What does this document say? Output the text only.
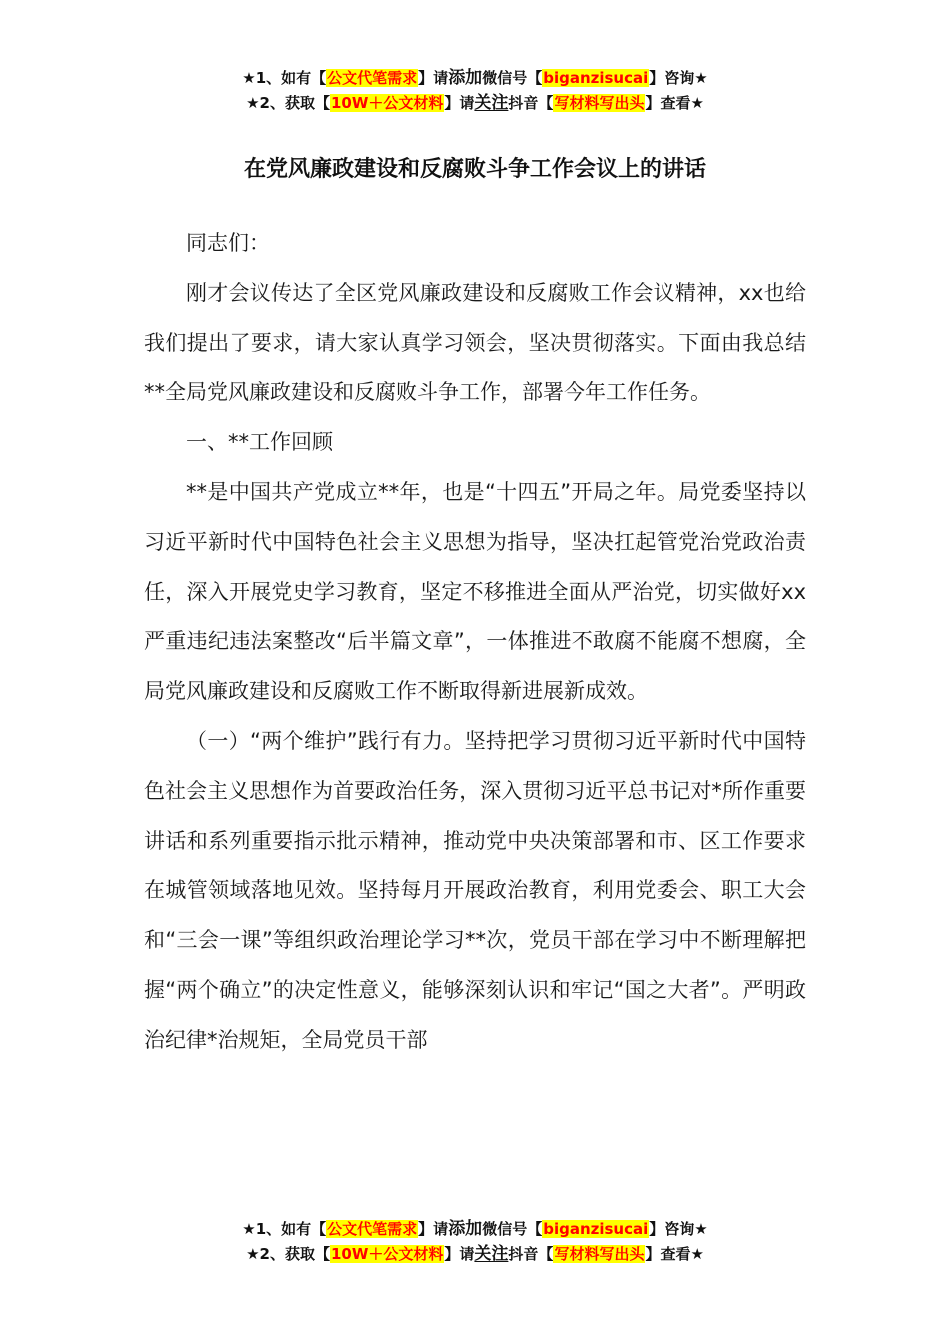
★1、如有【公文代笔需求】请添加微信号【biganzisucai】咨询★
★2、获取【10W＋公文材料】请关注抖音【写材料写出头】查看★
在党风廉政建设和反腐败斗争工作会议上的讲话

同志们：

刚才会议传达了全区党风廉政建设和反腐败工作会议精神，xx也给我们提出了要求，请大家认真学习领会，坚决贯彻落实。下面由我总结**全局党风廉政建设和反腐败斗争工作，部署今年工作任务。

一、**工作回顾

**是中国共产党成立**年，也是“十四五”开局之年。局党委坚持以习近平新时代中国特色社会主义思想为指导，坚决扛起管党治党政治责任，深入开展党史学习教育，坚定不移推进全面从严治党，切实做好xx严重违纪违法案整改“后半篇文章”，一体推进不敢腐不能腐不想腐，全局党风廉政建设和反腐败工作不断取得新进展新成效。

（一）“两个维护”践行有力。坚持把学习贯彻习近平新时代中国特色社会主义思想作为首要政治任务，深入贯彻习近平总书记对*所作重要讲话和系列重要指示批示精神，推动党中央决策部署和市、区工作要求在城管领域落地见效。坚持每月开展政治教育，利用党委会、职工大会和“三会一课”等组织政治理论学习**次，党员干部在学习中不断理解把握“两个确立”的决定性意义，能够深刻认识和牢记“国之大者”。严明政治纪律*治规矩，全局党员干部

★1、如有【公文代笔需求】请添加微信号【biganzisucai】咨询★
★2、获取【10W＋公文材料】请关注抖音【写材料写出头】查看★
